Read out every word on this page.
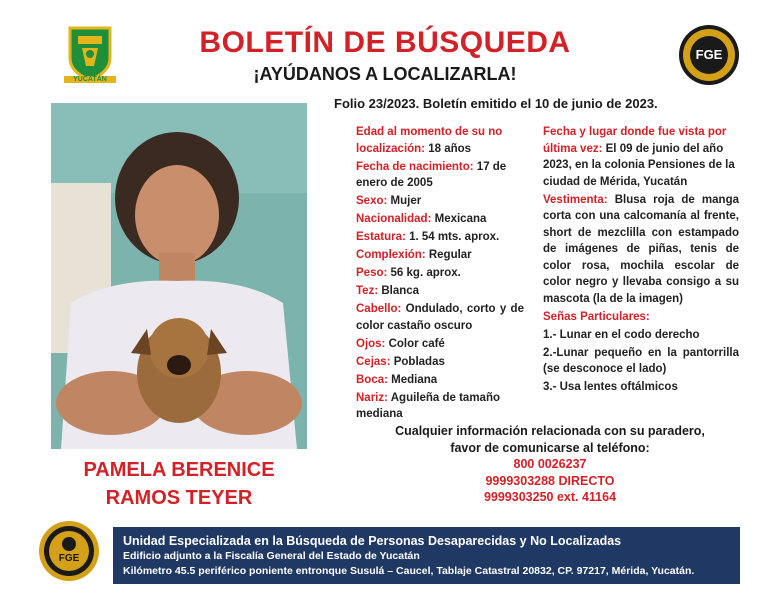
YUCATÁN
BOLETÍN DE BÚSQUEDA
¡AYÚDANOS A LOCALIZARLA!
FGE
Folio 23/2023. Boletín emitido el 10 de junio de 2023.
PAMELA BERENICE
RAMOS TEYER
Edad al momento de su no localización: 18 años
Fecha de nacimiento: 17 de enero de 2005
Sexo: Mujer
Nacionalidad: Mexicana
Estatura: 1. 54 mts. aprox.
Complexión: Regular
Peso: 56 kg. aprox.
Tez: Blanca
Cabello: Ondulado, corto y de color castaño oscuro
Ojos: Color café
Cejas: Pobladas
Boca: Mediana
Nariz: Aguileña de tamaño mediana
Fecha y lugar donde fue vista por última vez: El 09 de junio del año 2023, en la colonia Pensiones de la ciudad de Mérida, Yucatán
Vestimenta: Blusa roja de manga corta con una calcomanía al frente, short de mezclilla con estampado de imágenes de piñas, tenis de color rosa, mochila escolar de color negro y llevaba consigo a su mascota (la de la imagen)
Señas Particulares:
1.- Lunar en el codo derecho
2.-Lunar pequeño en la pantorrilla (se desconoce el lado)
3.- Usa lentes oftálmicos
Cualquier información relacionada con su paradero,
favor de comunicarse al teléfono:
800 0026237
9999303288 DIRECTO
9999303250 ext. 41164
FGE
Unidad Especializada en la Búsqueda de Personas Desaparecidas y No Localizadas
Edificio adjunto a la Fiscalía General del Estado de Yucatán
Kilómetro 45.5 periférico poniente entronque Susulá – Caucel, Tablaje Catastral 20832, CP. 97217, Mérida, Yucatán.
